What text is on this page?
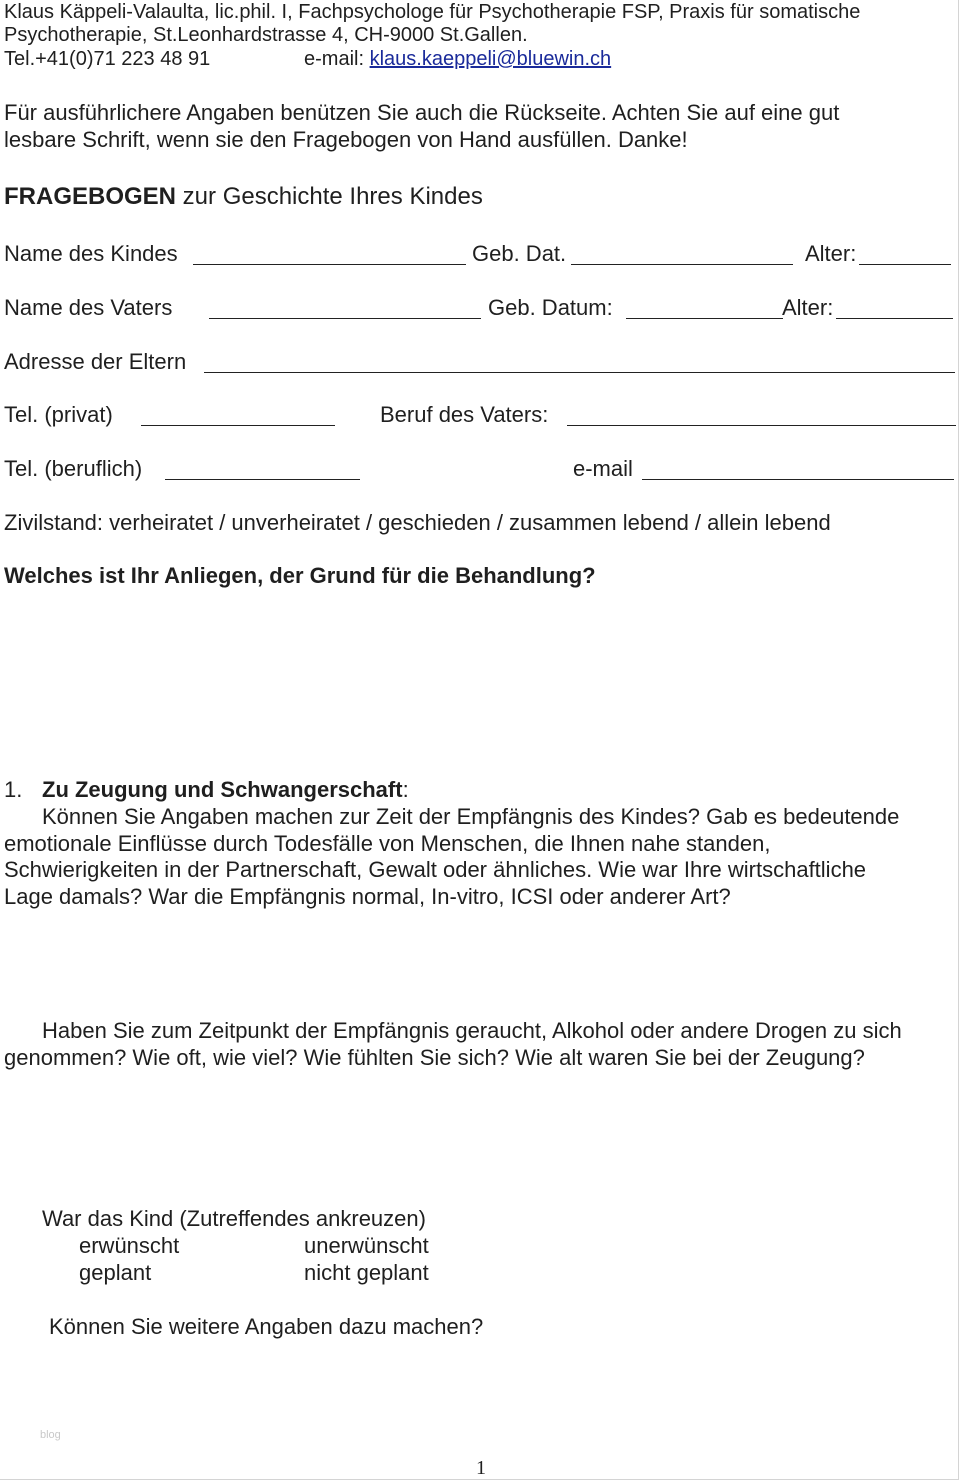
Klaus Käppeli-Valaulta, lic.phil. I, Fachpsychologe für Psychotherapie FSP, Praxis für somatische
Psychotherapie, St.Leonhardstrasse 4, CH-9000 St.Gallen.
Tel.+41(0)71 223 48 91	e-mail: klaus.kaeppeli@bluewin.ch
Für ausführlichere Angaben benützen Sie auch die Rückseite. Achten Sie auf eine gut
lesbare Schrift, wenn sie den Fragebogen von Hand ausfüllen. Danke!
FRAGEBOGEN zur Geschichte Ihres Kindes
Name des Kindes	Geb. Dat.	Alter:
Name des Vaters	Geb. Datum:	Alter:
Adresse der Eltern
Tel. (privat)	Beruf des Vaters:
Tel. (beruflich)	e-mail
Zivilstand: verheiratet / unverheiratet / geschieden / zusammen lebend / allein lebend
Welches ist Ihr Anliegen, der Grund für die Behandlung?
1. Zu Zeugung und Schwangerschaft:
Können Sie Angaben machen zur Zeit der Empfängnis des Kindes? Gab es bedeutende
emotionale Einflüsse durch Todesfälle von Menschen, die Ihnen nahe standen,
Schwierigkeiten in der Partnerschaft, Gewalt oder ähnliches. Wie war Ihre wirtschaftliche
Lage damals? War die Empfängnis normal, In-vitro, ICSI oder anderer Art?
Haben Sie zum Zeitpunkt der Empfängnis geraucht, Alkohol oder andere Drogen zu sich
genommen? Wie oft, wie viel? Wie fühlten Sie sich? Wie alt waren Sie bei der Zeugung?
War das Kind (Zutreffendes ankreuzen)
erwünscht	unerwünscht
geplant	nicht geplant
Können Sie weitere Angaben dazu machen?
blog
1
